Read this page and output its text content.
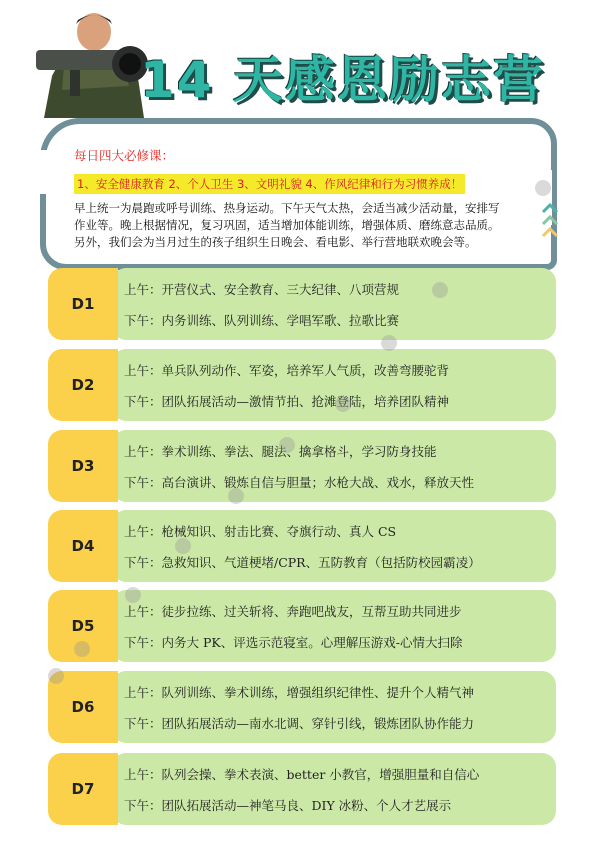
14 天感恩励志营
每日四大必修课：
1、安全健康教育 2、个人卫生 3、文明礼貌 4、作风纪律和行为习惯养成！
早上统一为晨跑或呼号训练、热身运动。下午天气太热，会适当减少活动量，安排写
作业等。晚上根据情况，复习巩固，适当增加体能训练，增强体质、磨练意志品质。
另外，我们会为当月过生的孩子组织生日晚会、看电影、举行营地联欢晚会等。
上午：开营仪式、安全教育、三大纪律、八项营规
下午：内务训练、队列训练、学唱军歌、拉歌比赛
D1
上午：单兵队列动作、军姿，培养军人气质，改善弯腰驼背
下午：团队拓展活动—激情节拍、抢滩登陆，培养团队精神
D2
上午：拳术训练、拳法、腿法、擒拿格斗，学习防身技能
下午：高台演讲、锻炼自信与胆量；水枪大战、戏水，释放天性
D3
上午：枪械知识、射击比赛、夺旗行动、真人 CS
下午：急救知识、气道梗堵/CPR、五防教育（包括防校园霸凌）
D4
上午：徒步拉练、过关斩将、奔跑吧战友，互帮互助共同进步
下午：内务大 PK、评选示范寝室。心理解压游戏-心情大扫除
D5
上午：队列训练、拳术训练，增强组织纪律性、提升个人精气神
下午：团队拓展活动—南水北调、穿针引线，锻炼团队协作能力
D6
上午：队列会操、拳术表演、better 小教官，增强胆量和自信心
下午：团队拓展活动—神笔马良、DIY 冰粉、个人才艺展示
D7
